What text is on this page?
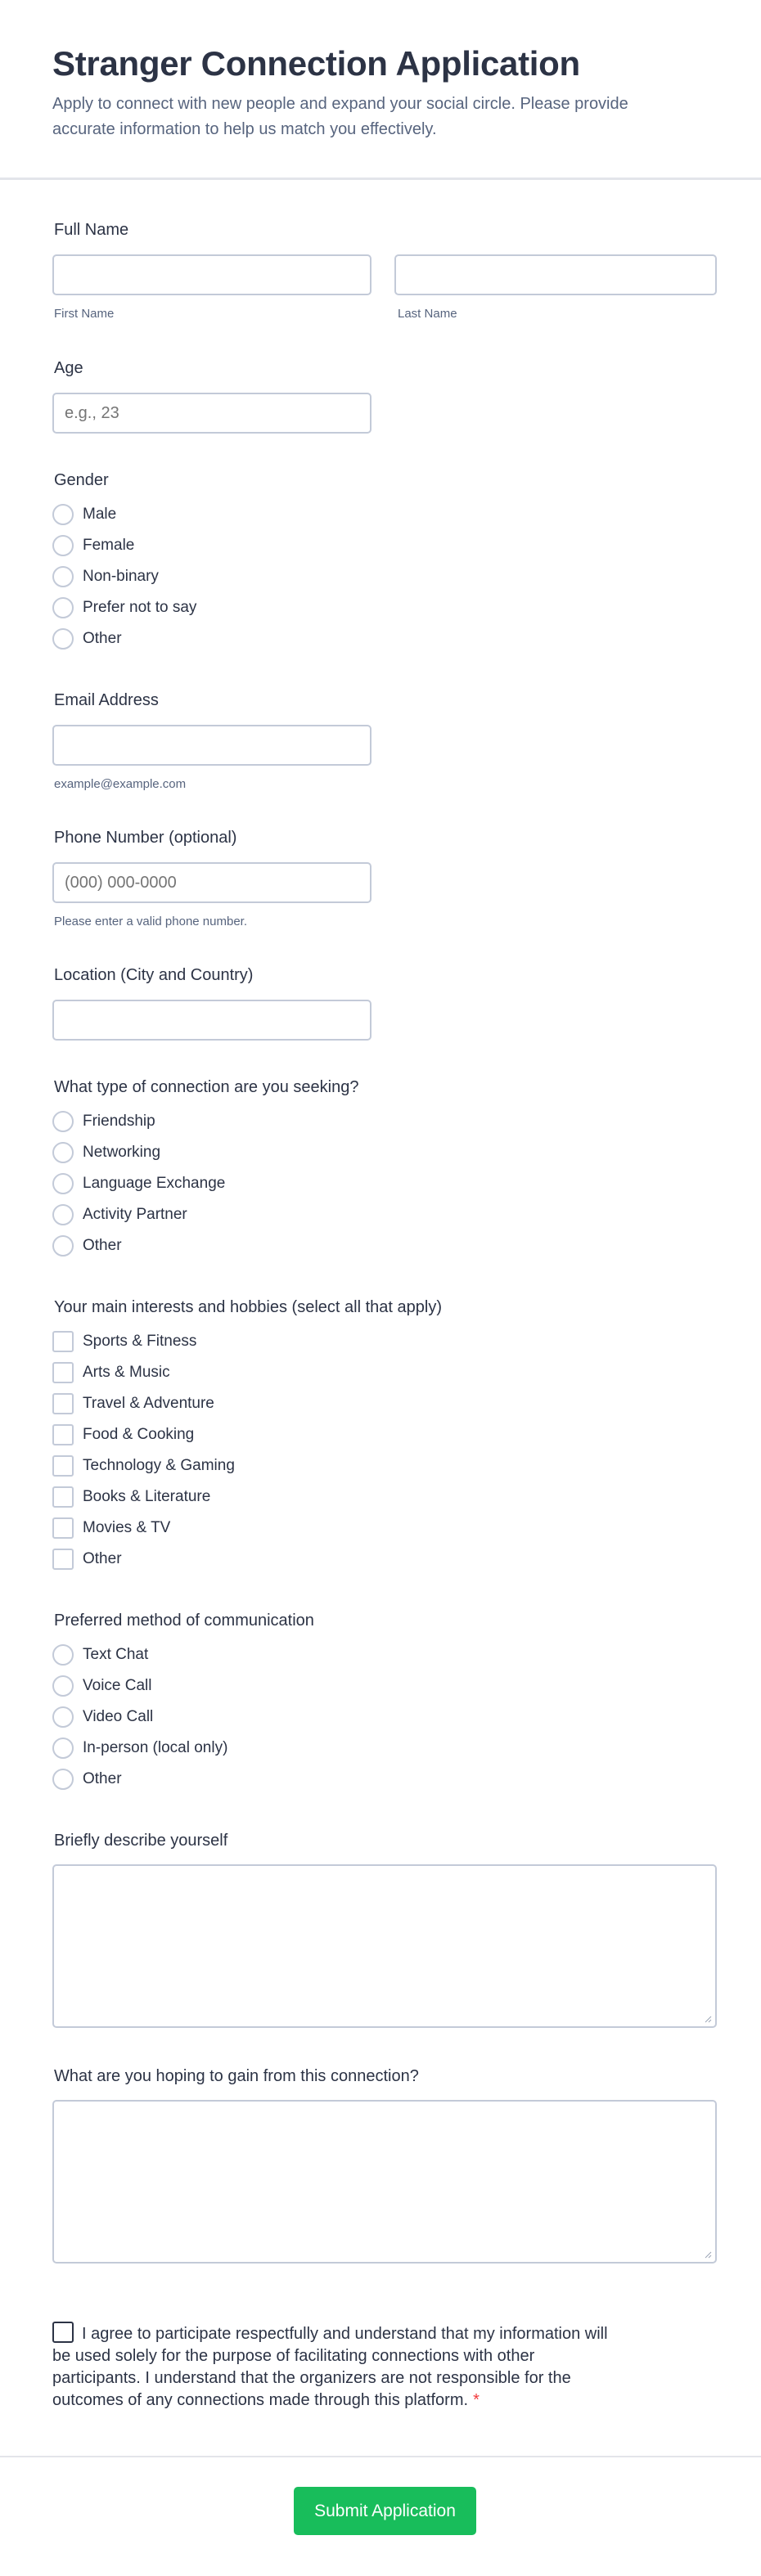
Stranger Connection Application

Apply to connect with new people and expand your social circle. Please provide accurate information to help us match you effectively.

Full Name
First Name	Last Name
Age
e.g., 23
Gender
Male
Female
Non-binary
Prefer not to say
Other
Email Address
example@example.com
Phone Number (optional)
(000) 000-0000
Please enter a valid phone number.
Location (City and Country)
What type of connection are you seeking?
Friendship
Networking
Language Exchange
Activity Partner
Other
Your main interests and hobbies (select all that apply)
Sports & Fitness
Arts & Music
Travel & Adventure
Food & Cooking
Technology & Gaming
Books & Literature
Movies & TV
Other
Preferred method of communication
Text Chat
Voice Call
Video Call
In-person (local only)
Other
Briefly describe yourself
What are you hoping to gain from this connection?
I agree to participate respectfully and understand that my information will be used solely for the purpose of facilitating connections with other participants. I understand that the organizers are not responsible for the outcomes of any connections made through this platform. *
Submit Application
